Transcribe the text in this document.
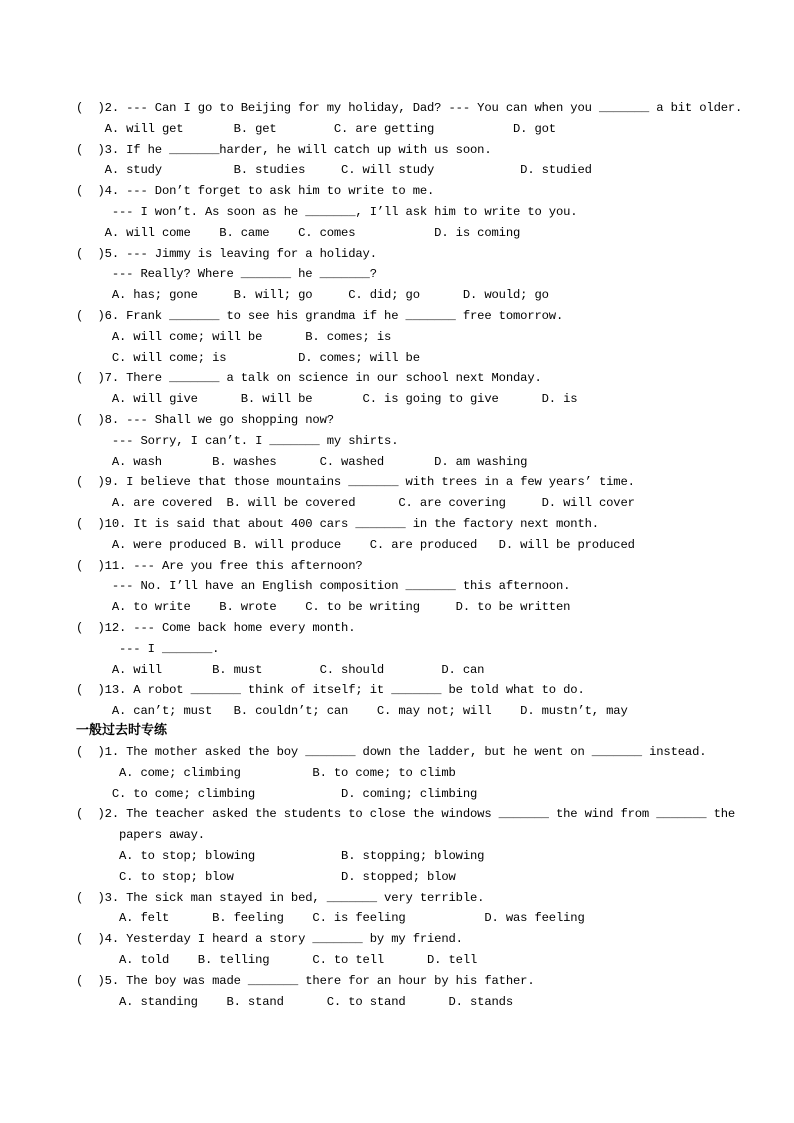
(  )2. --- Can I go to Beijing for my holiday, Dad? --- You can when you _______ a bit older.
A. will get       B. get        C. are getting           D. got
(  )3. If he _______harder, he will catch up with us soon.
A. study          B. studies     C. will study            D. studied
(  )4. --- Don’t forget to ask him to write to me.
--- I won’t. As soon as he _______, I’ll ask him to write to you.
A. will come    B. came    C. comes           D. is coming
(  )5. --- Jimmy is leaving for a holiday.
--- Really? Where _______ he _______?
A. has; gone     B. will; go     C. did; go      D. would; go
(  )6. Frank _______ to see his grandma if he _______ free tomorrow.
A. will come; will be      B. comes; is
C. will come; is          D. comes; will be
(  )7. There _______ a talk on science in our school next Monday.
A. will give      B. will be       C. is going to give      D. is
(  )8. --- Shall we go shopping now?
--- Sorry, I can’t. I _______ my shirts.
A. wash       B. washes      C. washed       D. am washing
(  )9. I believe that those mountains _______ with trees in a few years’ time.
A. are covered  B. will be covered      C. are covering     D. will cover
(  )10. It is said that about 400 cars _______ in the factory next month.
A. were produced B. will produce    C. are produced   D. will be produced
(  )11. --- Are you free this afternoon?
--- No. I’ll have an English composition _______ this afternoon.
A. to write    B. wrote    C. to be writing     D. to be written
(  )12. --- Come back home every month.
--- I _______.
A. will       B. must        C. should        D. can
(  )13. A robot _______ think of itself; it _______ be told what to do.
A. can’t; must   B. couldn’t; can    C. may not; will    D. mustn’t, may
一般过去时专练
(  )1. The mother asked the boy _______ down the ladder, but he went on _______ instead.
A. come; climbing          B. to come; to climb
C. to come; climbing            D. coming; climbing
(  )2. The teacher asked the students to close the windows _______ the wind from _______ the
papers away.
A. to stop; blowing            B. stopping; blowing
C. to stop; blow               D. stopped; blow
(  )3. The sick man stayed in bed, _______ very terrible.
A. felt      B. feeling    C. is feeling           D. was feeling
(  )4. Yesterday I heard a story _______ by my friend.
A. told    B. telling      C. to tell      D. tell
(  )5. The boy was made _______ there for an hour by his father.
A. standing    B. stand      C. to stand      D. stands
